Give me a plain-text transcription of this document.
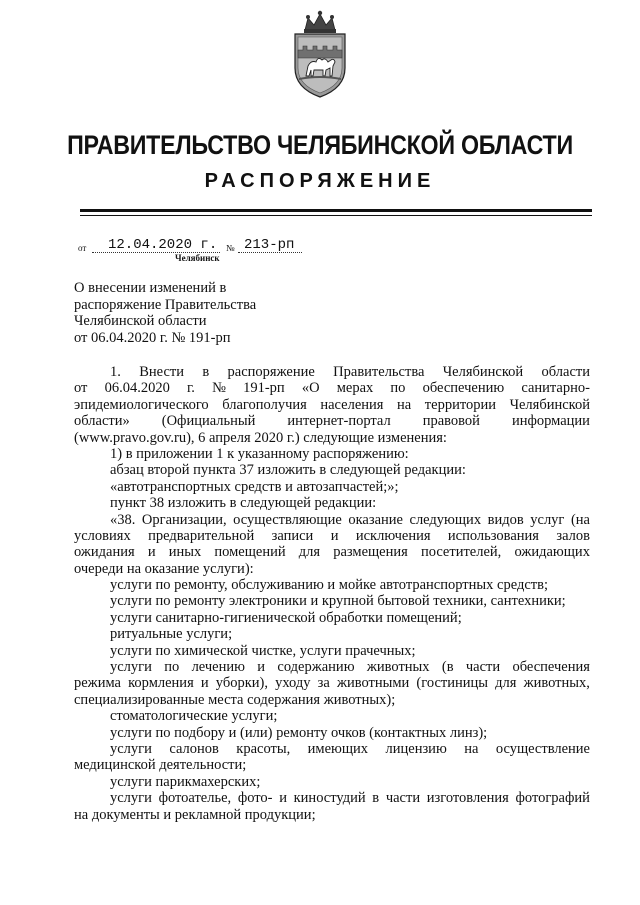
ПРАВИТЕЛЬСТВО ЧЕЛЯБИНСКОЙ ОБЛАСТИ
РАСПОРЯЖЕНИЕ
от 12.04.2020 г. № 213-рп
Челябинск
О внесении изменений в
распоряжение Правительства
Челябинской области
от 06.04.2020 г. № 191-рп
1. Внести в распоряжение Правительства Челябинской области
от 06.04.2020 г. № 191-рп «О мерах по обеспечению санитарно-
эпидемиологического благополучия населения на территории Челябинской
области» (Официальный интернет-портал правовой информации
(www.pravo.gov.ru), 6 апреля 2020 г.) следующие изменения:
1) в приложении 1 к указанному распоряжению:
абзац второй пункта 37 изложить в следующей редакции:
«автотранспортных средств и автозапчастей;»;
пункт 38 изложить в следующей редакции:
«38. Организации, осуществляющие оказание следующих видов услуг (на
условиях предварительной записи и исключения использования залов
ожидания и иных помещений для размещения посетителей, ожидающих
очереди на оказание услуги):
услуги по ремонту, обслуживанию и мойке автотранспортных средств;
услуги по ремонту электроники и крупной бытовой техники, сантехники;
услуги санитарно-гигиенической обработки помещений;
ритуальные услуги;
услуги по химической чистке, услуги прачечных;
услуги по лечению и содержанию животных (в части обеспечения
режима кормления и уборки), уходу за животными (гостиницы для животных,
специализированные места содержания животных);
стоматологические услуги;
услуги по подбору и (или) ремонту очков (контактных линз);
услуги салонов красоты, имеющих лицензию на осуществление
медицинской деятельности;
услуги парикмахерских;
услуги фотоателье, фото- и киностудий в части изготовления фотографий
на документы и рекламной продукции;
